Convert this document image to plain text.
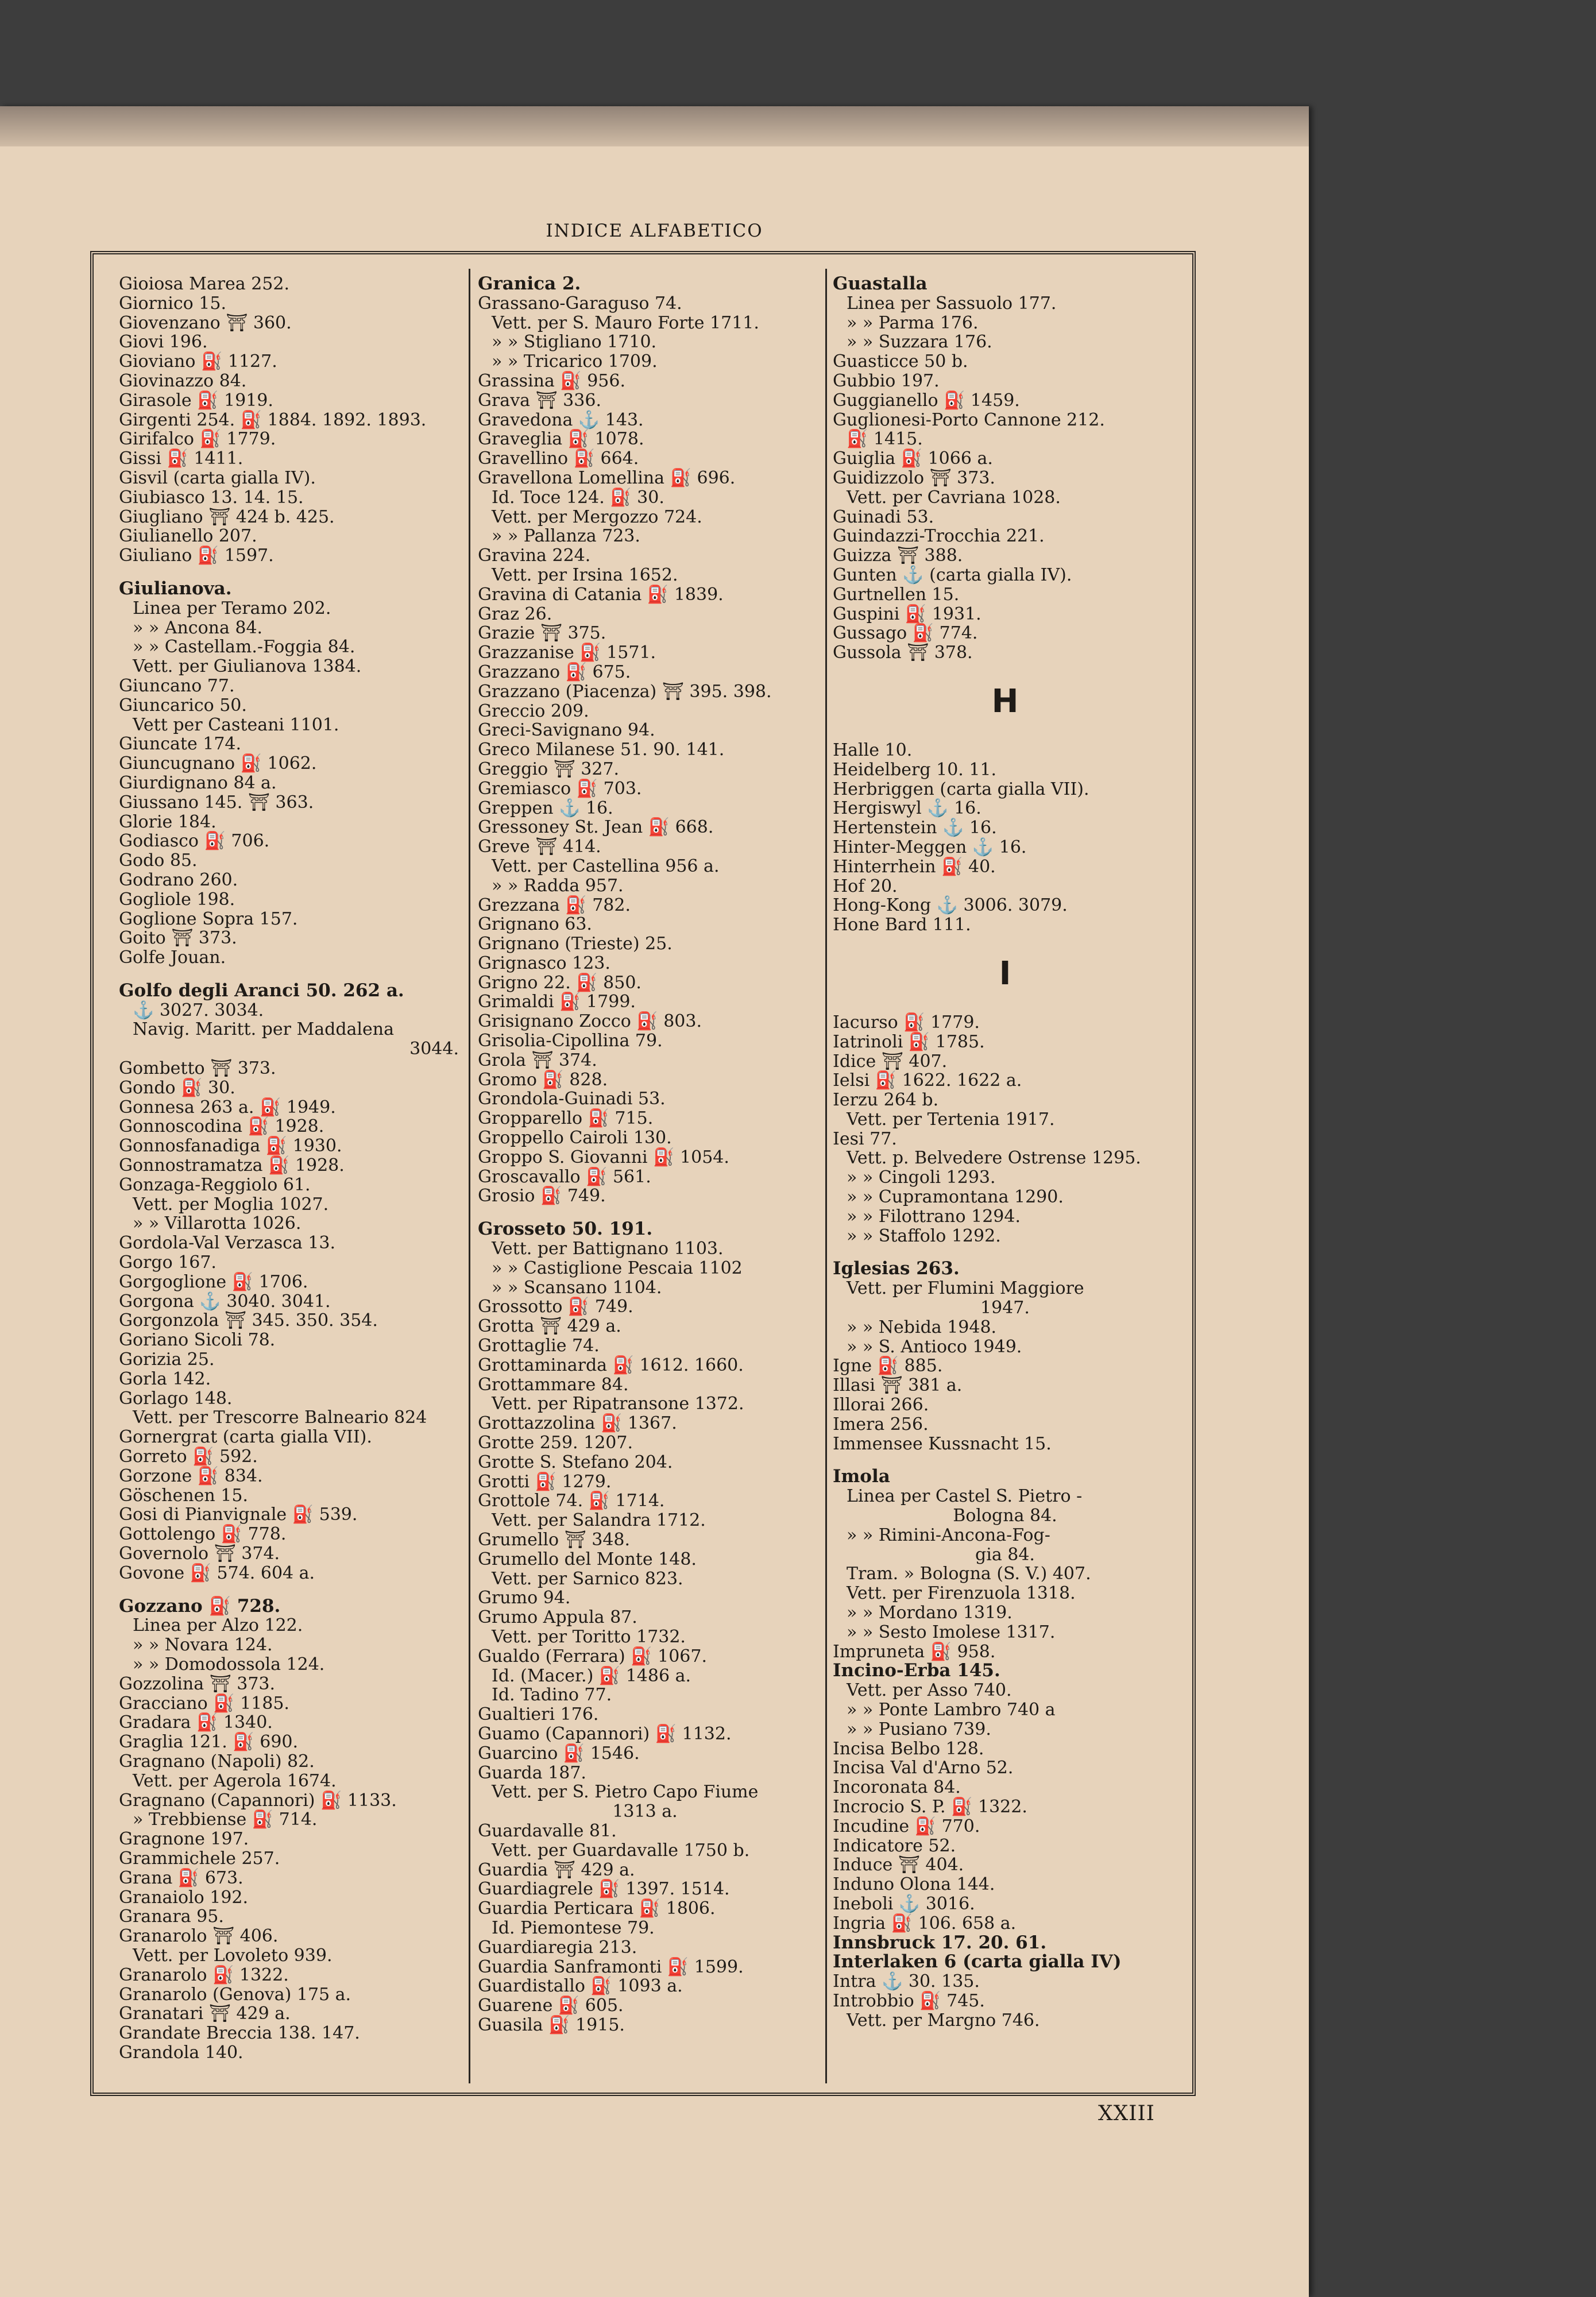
INDICE ALFABETICO
Gioiosa Marea 252.
Giornico 15.
Giovenzano ⛩ 360.
Giovi 196.
Gioviano ⛽ 1127.
Giovinazzo 84.
Girasole ⛽ 1919.
Girgenti 254. ⛽ 1884. 1892. 1893.
Girifalco ⛽ 1779.
Gissi ⛽ 1411.
Gisvil (carta gialla IV).
Giubiasco 13. 14. 15.
Giugliano ⛩ 424 b. 425.
Giulianello 207.
Giuliano ⛽ 1597.
Giulianova.
Linea per Teramo 202.
» » Ancona 84.
» » Castellam.-Foggia 84.
Vett. per Giulianova 1384.
Giuncano 77.
Giuncarico 50.
Vett per Casteani 1101.
Giuncate 174.
Giuncugnano ⛽ 1062.
Giurdignano 84 a.
Giussano 145. ⛩ 363.
Glorie 184.
Godiasco ⛽ 706.
Godo 85.
Godrano 260.
Gogliole 198.
Goglione Sopra 157.
Goito ⛩ 373.
Golfe Jouan.
Golfo degli Aranci 50. 262 a.
⚓ 3027. 3034.
Navig. Maritt. per Maddalena
3044.
Gombetto ⛩ 373.
Gondo ⛽ 30.
Gonnesa 263 a. ⛽ 1949.
Gonnoscodina ⛽ 1928.
Gonnosfanadiga ⛽ 1930.
Gonnostramatza ⛽ 1928.
Gonzaga-Reggiolo 61.
Vett. per Moglia 1027.
» » Villarotta 1026.
Gordola-Val Verzasca 13.
Gorgo 167.
Gorgoglione ⛽ 1706.
Gorgona ⚓ 3040. 3041.
Gorgonzola ⛩ 345. 350. 354.
Goriano Sicoli 78.
Gorizia 25.
Gorla 142.
Gorlago 148.
Vett. per Trescorre Balneario 824
Gornergrat (carta gialla VII).
Gorreto ⛽ 592.
Gorzone ⛽ 834.
Göschenen 15.
Gosi di Pianvignale ⛽ 539.
Gottolengo ⛽ 778.
Governolo ⛩ 374.
Govone ⛽ 574. 604 a.
Gozzano ⛽ 728.
Linea per Alzo 122.
» » Novara 124.
» » Domodossola 124.
Gozzolina ⛩ 373.
Gracciano ⛽ 1185.
Gradara ⛽ 1340.
Graglia 121. ⛽ 690.
Gragnano (Napoli) 82.
Vett. per Agerola 1674.
Gragnano (Capannori) ⛽ 1133.
» Trebbiense ⛽ 714.
Gragnone 197.
Grammichele 257.
Grana ⛽ 673.
Granaiolo 192.
Granara 95.
Granarolo ⛩ 406.
Vett. per Lovoleto 939.
Granarolo ⛽ 1322.
Granarolo (Genova) 175 a.
Granatari ⛩ 429 a.
Grandate Breccia 138. 147.
Grandola 140.
Granica 2.
Grassano-Garaguso 74.
Vett. per S. Mauro Forte 1711.
» » Stigliano 1710.
» » Tricarico 1709.
Grassina ⛽ 956.
Grava ⛩ 336.
Gravedona ⚓ 143.
Graveglia ⛽ 1078.
Gravellino ⛽ 664.
Gravellona Lomellina ⛽ 696.
Id. Toce 124. ⛽ 30.
Vett. per Mergozzo 724.
» » Pallanza 723.
Gravina 224.
Vett. per Irsina 1652.
Gravina di Catania ⛽ 1839.
Graz 26.
Grazie ⛩ 375.
Grazzanise ⛽ 1571.
Grazzano ⛽ 675.
Grazzano (Piacenza) ⛩ 395. 398.
Greccio 209.
Greci-Savignano 94.
Greco Milanese 51. 90. 141.
Greggio ⛩ 327.
Gremiasco ⛽ 703.
Greppen ⚓ 16.
Gressoney St. Jean ⛽ 668.
Greve ⛩ 414.
Vett. per Castellina 956 a.
» » Radda 957.
Grezzana ⛽ 782.
Grignano 63.
Grignano (Trieste) 25.
Grignasco 123.
Grigno 22. ⛽ 850.
Grimaldi ⛽ 1799.
Grisignano Zocco ⛽ 803.
Grisolia-Cipollina 79.
Grola ⛩ 374.
Gromo ⛽ 828.
Grondola-Guinadi 53.
Gropparello ⛽ 715.
Groppello Cairoli 130.
Groppo S. Giovanni ⛽ 1054.
Groscavallo ⛽ 561.
Grosio ⛽ 749.
Grosseto 50. 191.
Vett. per Battignano 1103.
» » Castiglione Pescaia 1102
» » Scansano 1104.
Grossotto ⛽ 749.
Grotta ⛩ 429 a.
Grottaglie 74.
Grottaminarda ⛽ 1612. 1660.
Grottammare 84.
Vett. per Ripatransone 1372.
Grottazzolina ⛽ 1367.
Grotte 259. 1207.
Grotte S. Stefano 204.
Grotti ⛽ 1279.
Grottole 74. ⛽ 1714.
Vett. per Salandra 1712.
Grumello ⛩ 348.
Grumello del Monte 148.
Vett. per Sarnico 823.
Grumo 94.
Grumo Appula 87.
Vett. per Toritto 1732.
Gualdo (Ferrara) ⛽ 1067.
Id. (Macer.) ⛽ 1486 a.
Id. Tadino 77.
Gualtieri 176.
Guamo (Capannori) ⛽ 1132.
Guarcino ⛽ 1546.
Guarda 187.
Vett. per S. Pietro Capo Fiume
1313 a.
Guardavalle 81.
Vett. per Guardavalle 1750 b.
Guardia ⛩ 429 a.
Guardiagrele ⛽ 1397. 1514.
Guardia Perticara ⛽ 1806.
Id. Piemontese 79.
Guardiaregia 213.
Guardia Sanframonti ⛽ 1599.
Guardistallo ⛽ 1093 a.
Guarene ⛽ 605.
Guasila ⛽ 1915.
Guastalla
Linea per Sassuolo 177.
» » Parma 176.
» » Suzzara 176.
Guasticce 50 b.
Gubbio 197.
Guggianello ⛽ 1459.
Guglionesi-Porto Cannone 212.
⛽ 1415.
Guiglia ⛽ 1066 a.
Guidizzolo ⛩ 373.
Vett. per Cavriana 1028.
Guinadi 53.
Guindazzi-Trocchia 221.
Guizza ⛩ 388.
Gunten ⚓ (carta gialla IV).
Gurtnellen 15.
Guspini ⛽ 1931.
Gussago ⛽ 774.
Gussola ⛩ 378.
H
Halle 10.
Heidelberg 10. 11.
Herbriggen (carta gialla VII).
Hergiswyl ⚓ 16.
Hertenstein ⚓ 16.
Hinter-Meggen ⚓ 16.
Hinterrhein ⛽ 40.
Hof 20.
Hong-Kong ⚓ 3006. 3079.
Hone Bard 111.
I
Iacurso ⛽ 1779.
Iatrinoli ⛽ 1785.
Idice ⛩ 407.
Ielsi ⛽ 1622. 1622 a.
Ierzu 264 b.
Vett. per Tertenia 1917.
Iesi 77.
Vett. p. Belvedere Ostrense 1295.
» » Cingoli 1293.
» » Cupramontana 1290.
» » Filottrano 1294.
» » Staffolo 1292.
Iglesias 263.
Vett. per Flumini Maggiore
1947.
» » Nebida 1948.
» » S. Antioco 1949.
Igne ⛽ 885.
Illasi ⛩ 381 a.
Illorai 266.
Imera 256.
Immensee Kussnacht 15.
Imola
Linea per Castel S. Pietro -
Bologna 84.
» » Rimini-Ancona-Fog-
gia 84.
Tram. » Bologna (S. V.) 407.
Vett. per Firenzuola 1318.
» » Mordano 1319.
» » Sesto Imolese 1317.
Impruneta ⛽ 958.
Incino-Erba 145.
Vett. per Asso 740.
» » Ponte Lambro 740 a
» » Pusiano 739.
Incisa Belbo 128.
Incisa Val d'Arno 52.
Incoronata 84.
Incrocio S. P. ⛽ 1322.
Incudine ⛽ 770.
Indicatore 52.
Induce ⛩ 404.
Induno Olona 144.
Ineboli ⚓ 3016.
Ingria ⛽ 106. 658 a.
Innsbruck 17. 20. 61.
Interlaken 6 (carta gialla IV)
Intra ⚓ 30. 135.
Introbbio ⛽ 745.
Vett. per Margno 746.
XXIII
